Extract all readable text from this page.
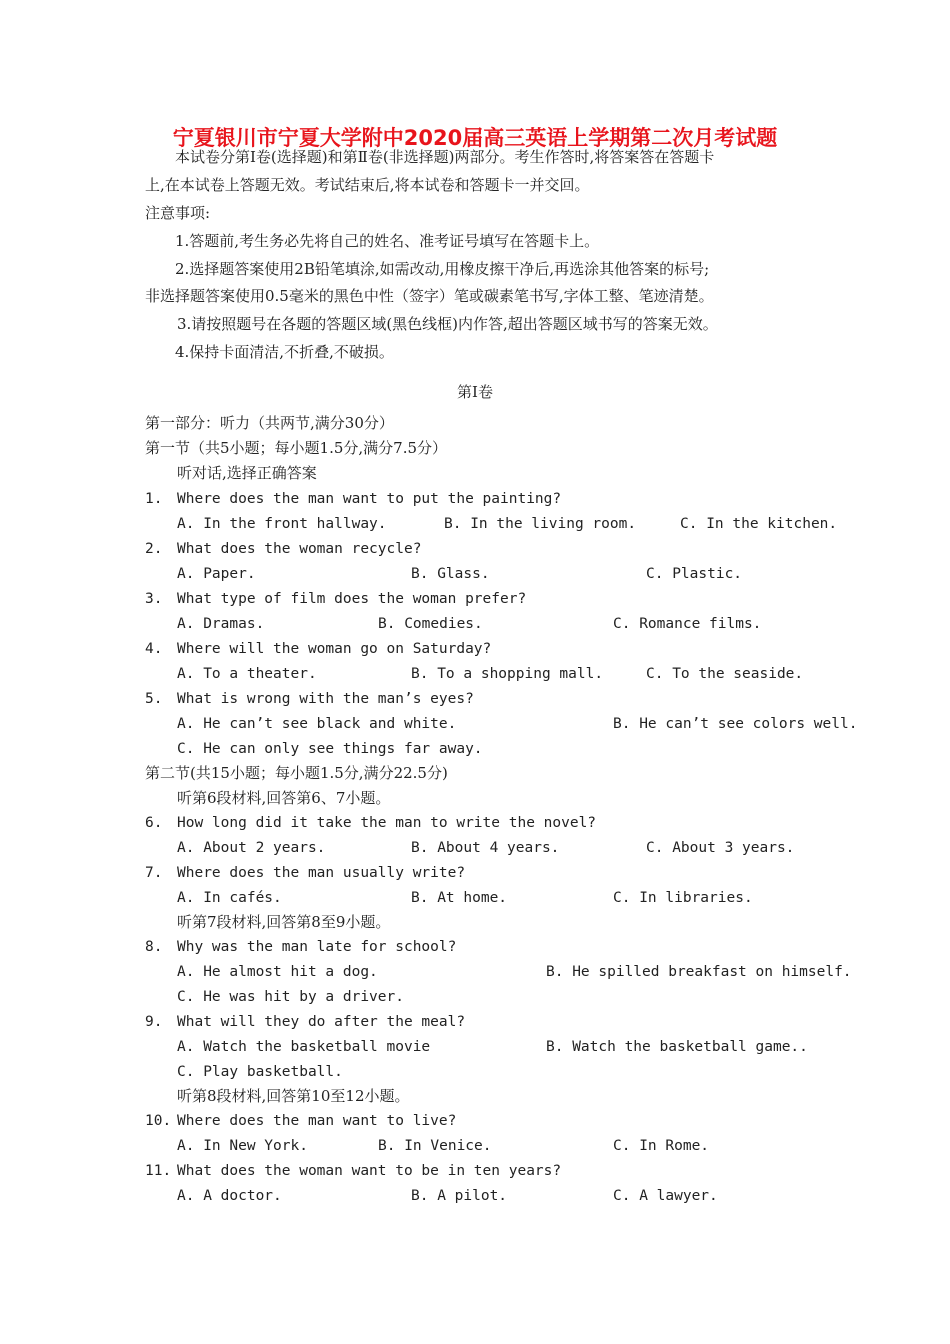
宁夏银川市宁夏大学附中2020届高三英语上学期第二次月考试题
本试卷分第Ⅰ卷(选择题)和第Ⅱ卷(非选择题)两部分。考生作答时,将答案答在答题卡
上,在本试卷上答题无效。考试结束后,将本试卷和答题卡一并交回。
注意事项:
1.答题前,考生务必先将自己的姓名、准考证号填写在答题卡上。
2.选择题答案使用2B铅笔填涂,如需改动,用橡皮擦干净后,再选涂其他答案的标号;
非选择题答案使用0.5毫米的黑色中性（签字）笔或碳素笔书写,字体工整、笔迹清楚。
3.请按照题号在各题的答题区域(黑色线框)内作答,超出答题区域书写的答案无效。
4.保持卡面清洁,不折叠,不破损。
第Ⅰ卷
第一部分：听力（共两节,满分30分）
第一节（共5小题；每小题1.5分,满分7.5分）
听对话,选择正确答案
1. Where does the man want to put the painting?
A. In the front hallway.	B. In the living room.	C. In the kitchen.
2. What does the woman recycle?
A. Paper.	B. Glass.	C. Plastic.
3. What type of film does the woman prefer?
A. Dramas.	B. Comedies.	C. Romance films.
4. Where will the woman go on Saturday?
A. To a theater.	B. To a shopping mall.	C. To the seaside.
5. What is wrong with the man’s eyes?
A. He can’t see black and white.	B. He can’t see colors well.
C. He can only see things far away.
第二节(共15小题；每小题1.5分,满分22.5分)
听第6段材料,回答第6、7小题。
6. How long did it take the man to write the novel?
A. About 2 years.	B. About 4 years.	C. About 3 years.
7. Where does the man usually write?
A. In cafés.	B. At home.	C. In libraries.
听第7段材料,回答第8至9小题。
8. Why was the man late for school?
A. He almost hit a dog.	B. He spilled breakfast on himself.
C. He was hit by a driver.
9. What will they do after the meal?
A. Watch the basketball movie	B. Watch the basketball game..
C. Play basketball.
听第8段材料,回答第10至12小题。
10. Where does the man want to live?
A. In New York.	B. In Venice.	C. In Rome.
11. What does the woman want to be in ten years?
A. A doctor.	B. A pilot.	C. A lawyer.
